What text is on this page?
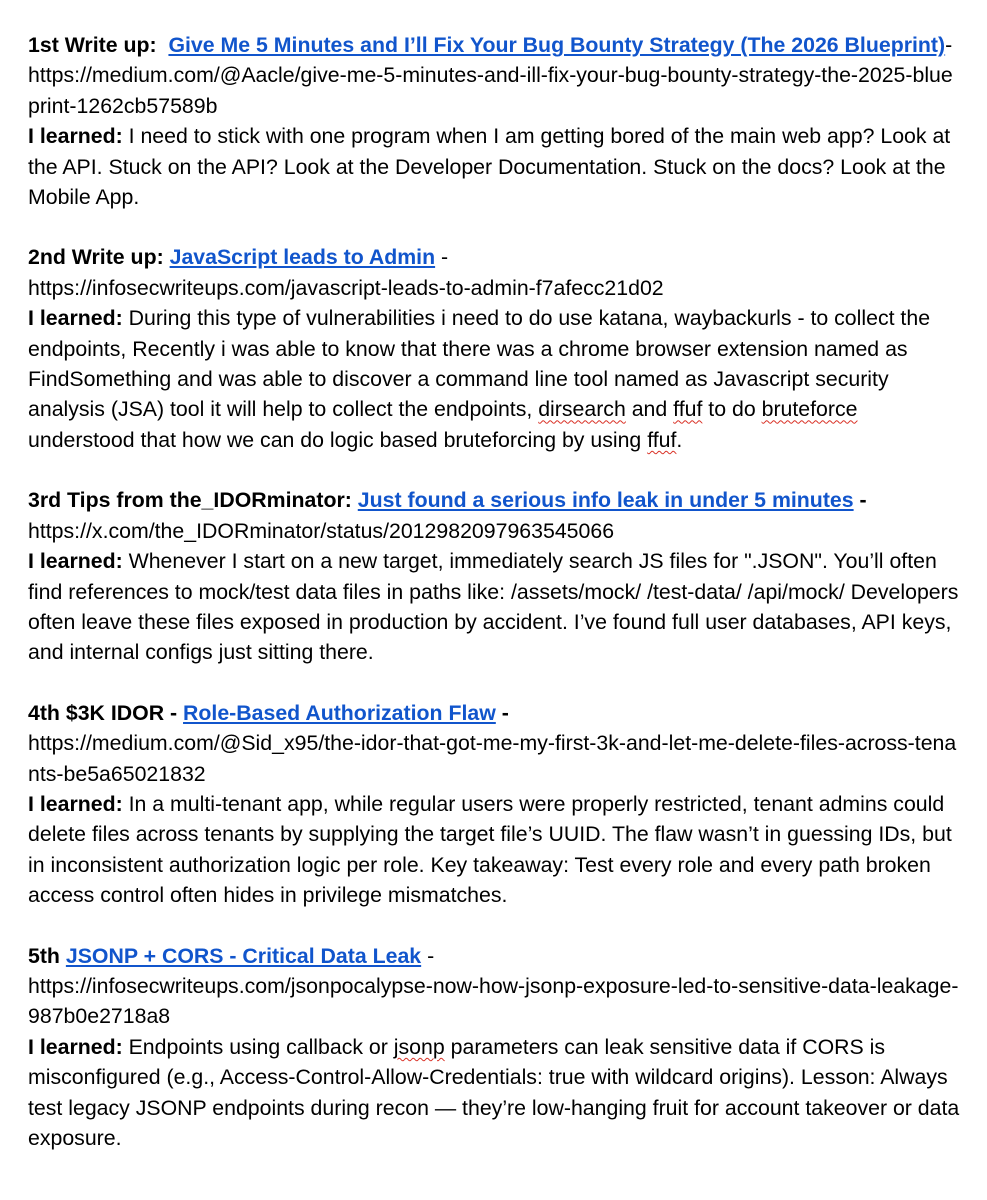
1st Write up: Give Me 5 Minutes and I’ll Fix Your Bug Bounty Strategy (The 2026 Blueprint)-

https://medium.com/@Aacle/give-me-5-minutes-and-ill-fix-your-bug-bounty-strategy-the-2025-blueprint-1262cb57589b

I learned: I need to stick with one program when I am getting bored of the main web app? Look at the API. Stuck on the API? Look at the Developer Documentation. Stuck on the docs? Look at the Mobile App.

2nd Write up: JavaScript leads to Admin -

https://infosecwriteups.com/javascript-leads-to-admin-f7afecc21d02

I learned: During this type of vulnerabilities i need to do use katana, waybackurls - to collect the endpoints, Recently i was able to know that there was a chrome browser extension named as FindSomething and was able to discover a command line tool named as Javascript security analysis (JSA) tool it will help to collect the endpoints, dirsearch and ffuf to do bruteforce understood that how we can do logic based bruteforcing by using ffuf.

3rd Tips from the_IDORminator: Just found a serious info leak in under 5 minutes -

https://x.com/the_IDORminator/status/2012982097963545066

I learned: Whenever I start on a new target, immediately search JS files for ".JSON". You’ll often find references to mock/test data files in paths like: /assets/mock/ /test-data/ /api/mock/ Developers often leave these files exposed in production by accident. I’ve found full user databases, API keys, and internal configs just sitting there.

4th $3K IDOR - Role-Based Authorization Flaw -

https://medium.com/@Sid_x95/the-idor-that-got-me-my-first-3k-and-let-me-delete-files-across-tenants-be5a65021832

I learned: In a multi-tenant app, while regular users were properly restricted, tenant admins could delete files across tenants by supplying the target file’s UUID. The flaw wasn’t in guessing IDs, but in inconsistent authorization logic per role. Key takeaway: Test every role and every path broken access control often hides in privilege mismatches.

5th JSONP + CORS - Critical Data Leak -

https://infosecwriteups.com/jsonpocalypse-now-how-jsonp-exposure-led-to-sensitive-data-leakage-987b0e2718a8

I learned: Endpoints using callback or jsonp parameters can leak sensitive data if CORS is misconfigured (e.g., Access-Control-Allow-Credentials: true with wildcard origins). Lesson: Always test legacy JSONP endpoints during recon — they’re low-hanging fruit for account takeover or data exposure.
